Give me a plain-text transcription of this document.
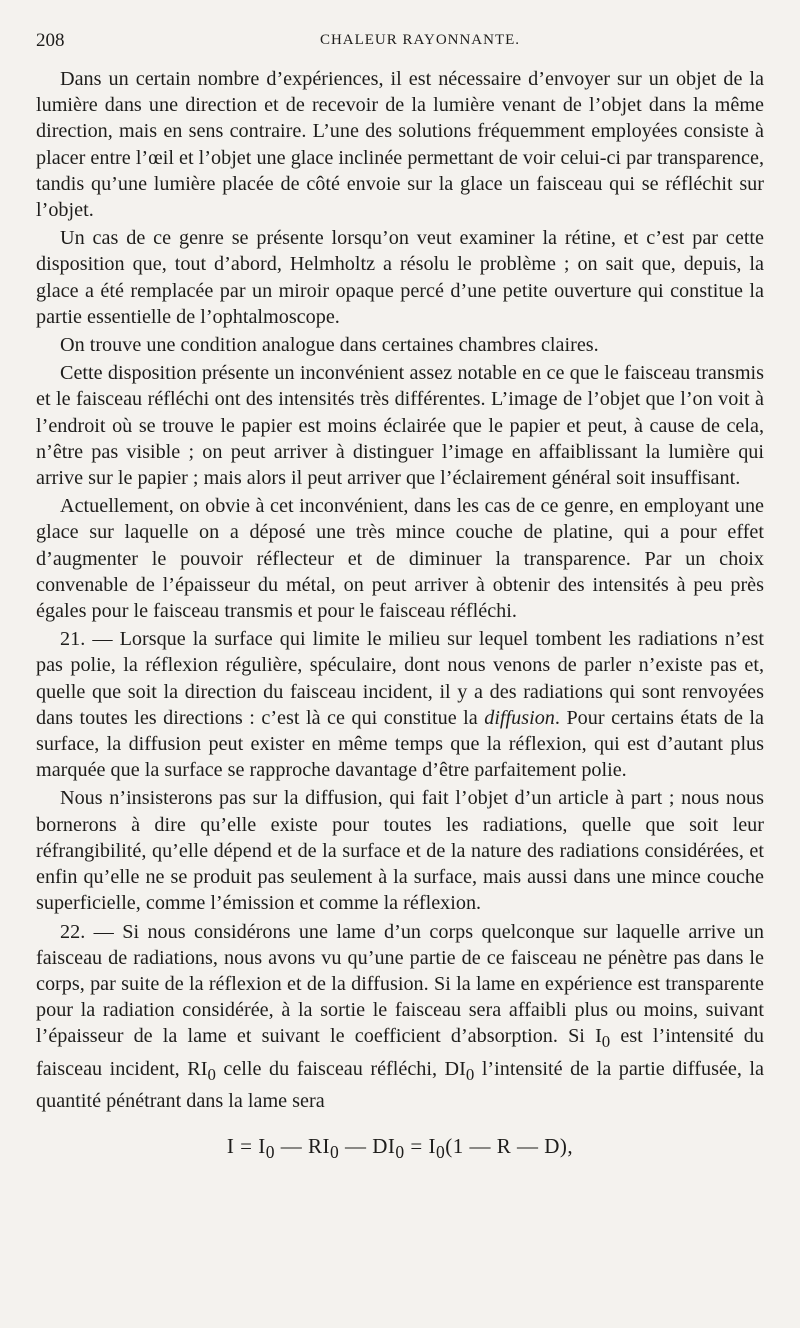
208	CHALEUR RAYONNANTE.

Dans un certain nombre d’expériences, il est nécessaire d’envoyer sur un objet de la lumière dans une direction et de recevoir de la lumière venant de l’objet dans la même direction, mais en sens contraire. L’une des solutions fréquemment employées consiste à placer entre l’œil et l’objet une glace inclinée permettant de voir celui-ci par transparence, tandis qu’une lumière placée de côté envoie sur la glace un faisceau qui se réfléchit sur l’objet.

Un cas de ce genre se présente lorsqu’on veut examiner la rétine, et c’est par cette disposition que, tout d’abord, Helmholtz a résolu le problème ; on sait que, depuis, la glace a été remplacée par un miroir opaque percé d’une petite ouverture qui constitue la partie essentielle de l’ophtalmoscope.

On trouve une condition analogue dans certaines chambres claires.

Cette disposition présente un inconvénient assez notable en ce que le faisceau transmis et le faisceau réfléchi ont des intensités très différentes. L’image de l’objet que l’on voit à l’endroit où se trouve le papier est moins éclairée que le papier et peut, à cause de cela, n’être pas visible ; on peut arriver à distinguer l’image en affaiblissant la lumière qui arrive sur le papier ; mais alors il peut arriver que l’éclairement général soit insuffisant.

Actuellement, on obvie à cet inconvénient, dans les cas de ce genre, en employant une glace sur laquelle on a déposé une très mince couche de platine, qui a pour effet d’augmenter le pouvoir réflecteur et de diminuer la transparence. Par un choix convenable de l’épaisseur du métal, on peut arriver à obtenir des intensités à peu près égales pour le faisceau transmis et pour le faisceau réfléchi.

21. — Lorsque la surface qui limite le milieu sur lequel tombent les radiations n’est pas polie, la réflexion régulière, spéculaire, dont nous venons de parler n’existe pas et, quelle que soit la direction du faisceau incident, il y a des radiations qui sont renvoyées dans toutes les directions : c’est là ce qui constitue la diffusion. Pour certains états de la surface, la diffusion peut exister en même temps que la réflexion, qui est d’autant plus marquée que la surface se rapproche davantage d’être parfaitement polie.

Nous n’insisterons pas sur la diffusion, qui fait l’objet d’un article à part ; nous nous bornerons à dire qu’elle existe pour toutes les radiations, quelle que soit leur réfrangibilité, qu’elle dépend et de la surface et de la nature des radiations considérées, et enfin qu’elle ne se produit pas seulement à la surface, mais aussi dans une mince couche superficielle, comme l’émission et comme la réflexion.

22. — Si nous considérons une lame d’un corps quelconque sur laquelle arrive un faisceau de radiations, nous avons vu qu’une partie de ce faisceau ne pénètre pas dans le corps, par suite de la réflexion et de la diffusion. Si la lame en expérience est transparente pour la radiation considérée, à la sortie le faisceau sera affaibli plus ou moins, suivant l’épaisseur de la lame et suivant le coefficient d’absorption. Si $I_0$ est l’intensité du faisceau incident, $RI_0$ celle du faisceau réfléchi, $DI_0$ l’intensité de la partie diffusée, la quantité pénétrant dans la lame sera

$I = I_0$ — $RI_0$ — $DI_0 = I_0(1$ — R — D),
